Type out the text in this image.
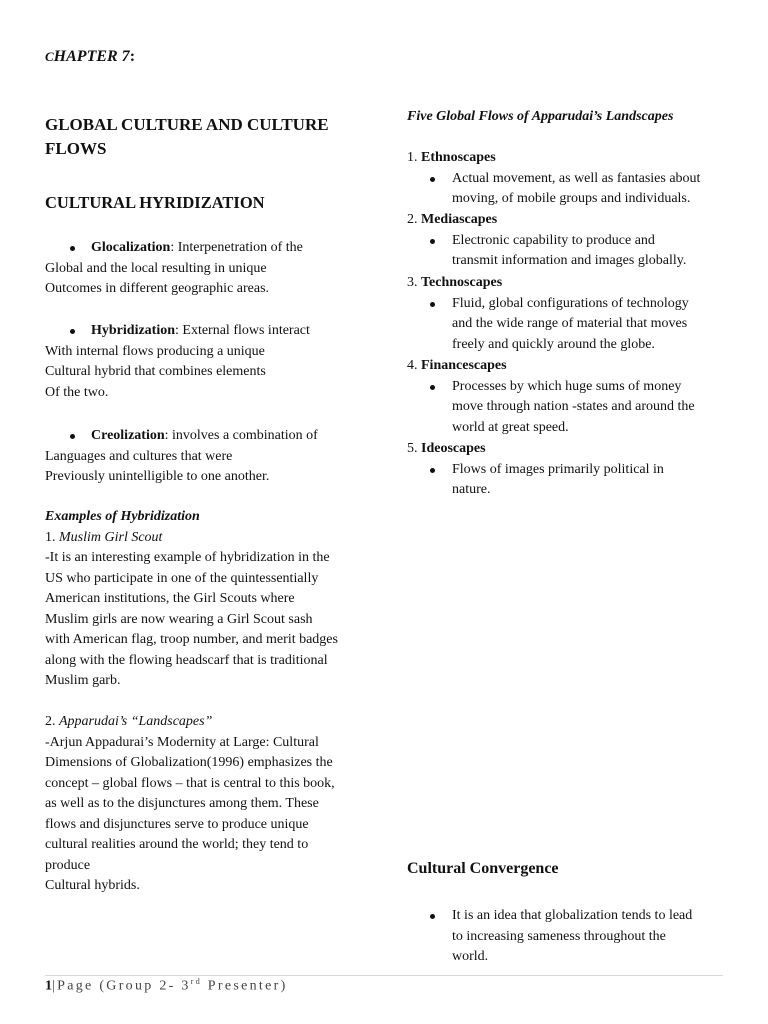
CHAPTER 7:
GLOBAL CULTURE AND CULTURE
FLOWS
CULTURAL HYRIDIZATION
Glocalization: Interpenetration of the
Global and the local resulting in unique
Outcomes in different geographic areas.
Hybridization: External flows interact
With internal flows producing a unique
Cultural hybrid that combines elements
Of the two.
Creolization: involves a combination of
Languages and cultures that were
Previously unintelligible to one another.
Examples of Hybridization
1. Muslim Girl Scout
-It is an interesting example of hybridization in the
US who participate in one of the quintessentially
American institutions, the Girl Scouts where
Muslim girls are now wearing a Girl Scout sash
with American flag, troop number, and merit badges
along with the flowing headscarf that is traditional
Muslim garb.
2. Apparudai’s “Landscapes”
-Arjun Appadurai’s Modernity at Large: Cultural
Dimensions of Globalization(1996) emphasizes the
concept – global flows – that is central to this book,
as well as to the disjunctures among them. These
flows and disjunctures serve to produce unique
cultural realities around the world; they tend to
produce
Cultural hybrids.
Five Global Flows of Apparudai’s Landscapes
1. Ethnoscapes
Actual movement, as well as fantasies about
moving, of mobile groups and individuals.
2. Mediascapes
Electronic capability to produce and
transmit information and images globally.
3. Technoscapes
Fluid, global configurations of technology
and the wide range of material that moves
freely and quickly around the globe.
4. Financescapes
Processes by which huge sums of money
move through nation -states and around the
world at great speed.
5. Ideoscapes
Flows of images primarily political in
nature.
Cultural Convergence
It is an idea that globalization tends to lead
to increasing sameness throughout the
world.
1|Page (Group 2- 3rd Presenter)
